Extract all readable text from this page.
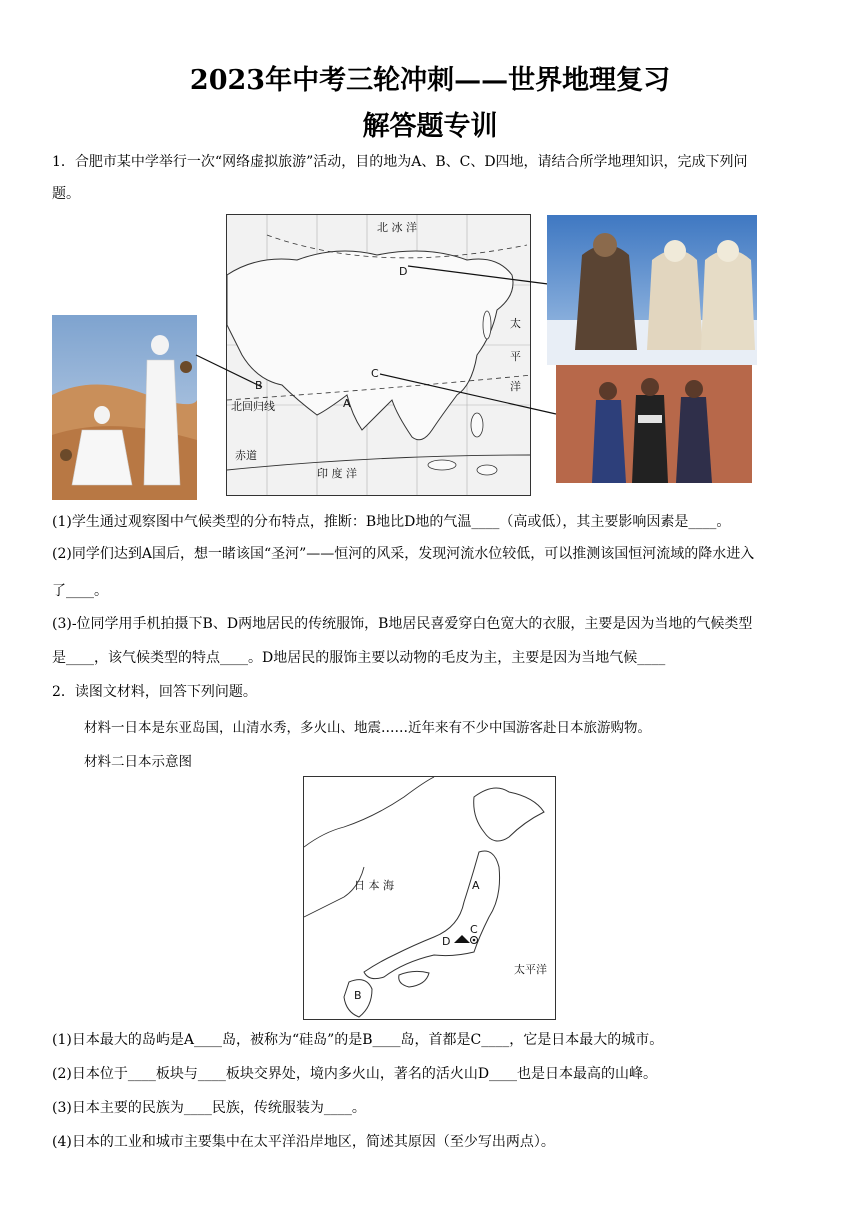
2023年中考三轮冲刺——世界地理复习
解答题专训
1．合肥市某中学举行一次“网络虚拟旅游”活动，目的地为A、B、C、D四地，请结合所学地理知识，完成下列问
题。
北 冰 洋
太
平
洋
北回归线
赤道
印 度 洋
D
C
B
A
(1)学生通过观察图中气候类型的分布特点，推断：B地比D地的气温____（高或低），其主要影响因素是____。
(2)同学们达到A国后，想一睹该国“圣河”——恒河的风采，发现河流水位较低，可以推测该国恒河流域的降水进入
了____。
(3)-位同学用手机拍摄下B、D两地居民的传统服饰，B地居民喜爱穿白色宽大的衣服，主要是因为当地的气候类型
是____，该气候类型的特点____。D地居民的服饰主要以动物的毛皮为主，主要是因为当地气候____
2．读图文材料，回答下列问题。
材料一日本是东亚岛国，山清水秀，多火山、地震……近年来有不少中国游客赴日本旅游购物。
材料二日本示意图
日 本 海
太平洋
A
B
C
D
(1)日本最大的岛屿是A____岛，被称为“硅岛”的是B____岛，首都是C____，它是日本最大的城市。
(2)日本位于____板块与____板块交界处，境内多火山，著名的活火山D____也是日本最高的山峰。
(3)日本主要的民族为____民族，传统服装为____。
(4)日本的工业和城市主要集中在太平洋沿岸地区，简述其原因（至少写出两点）。
